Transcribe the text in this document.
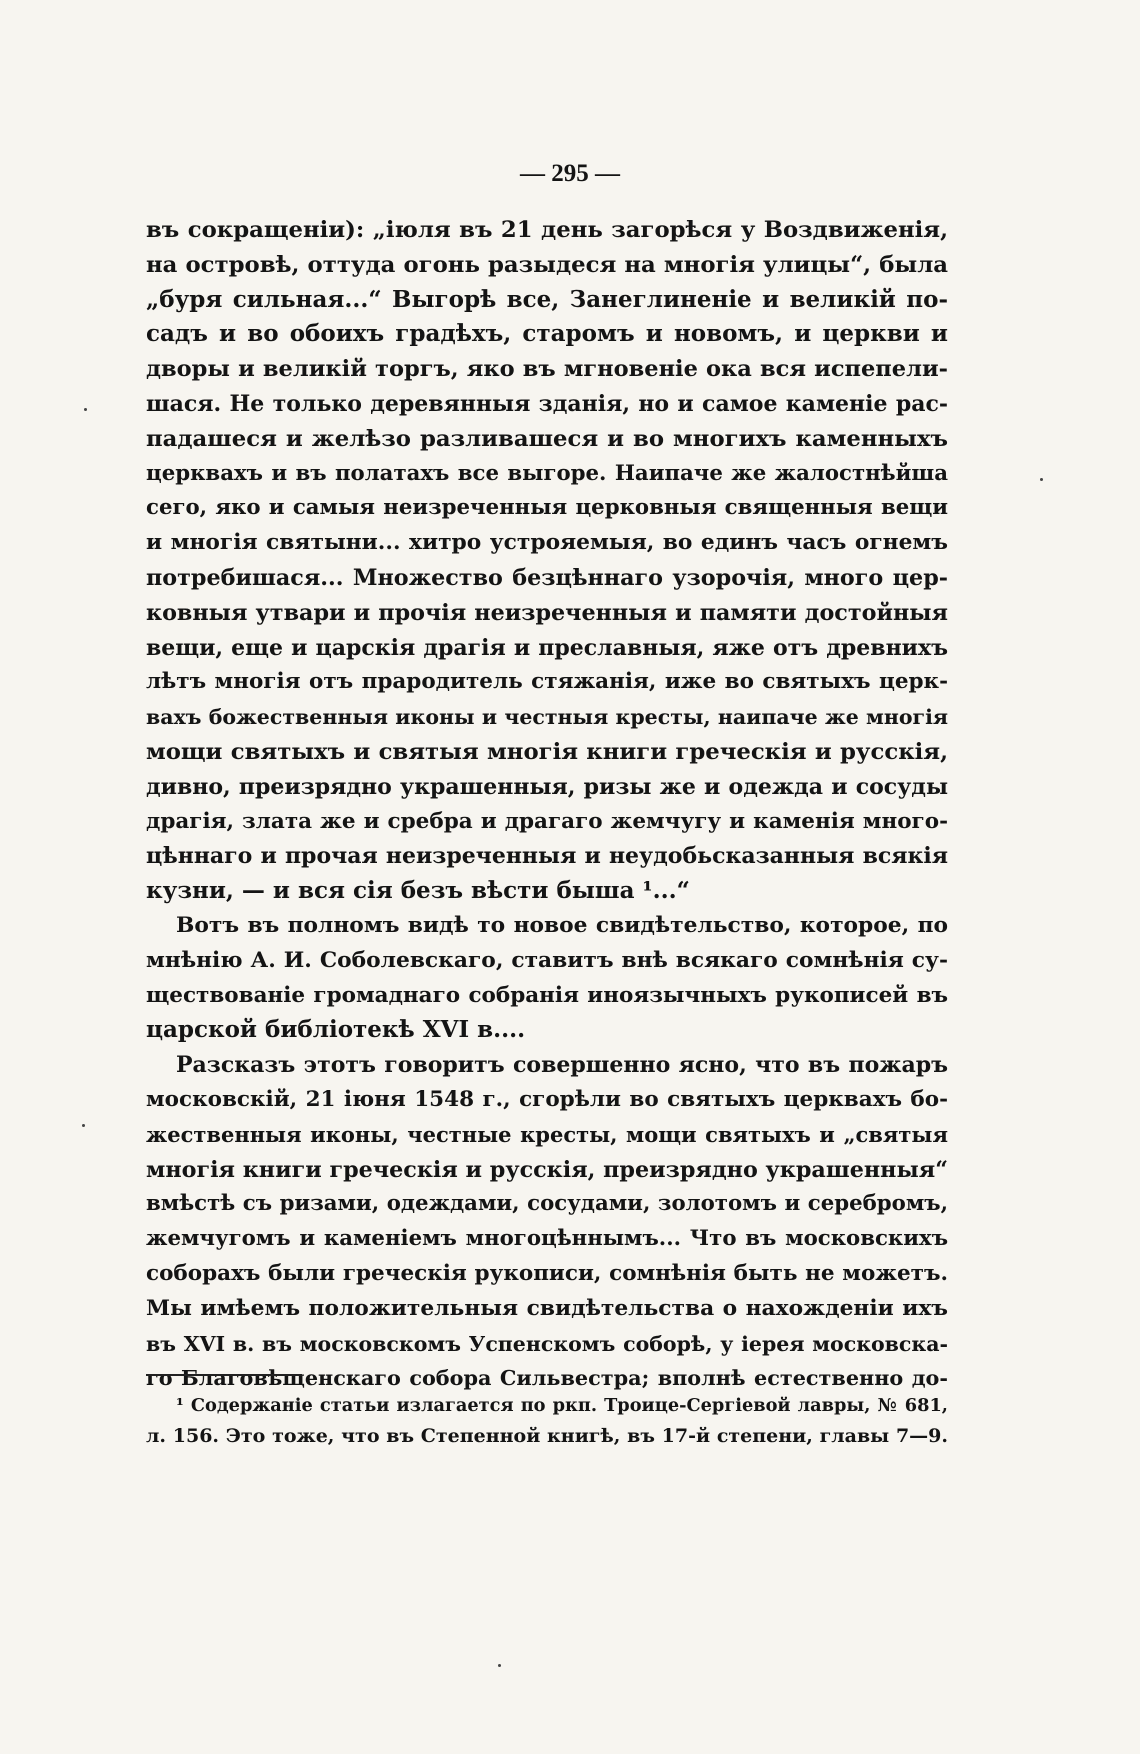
— 295 —
въ сокращеніи): „іюля въ 21 день загорѣся у Воздвиженія,
на островѣ, оттуда огонь разыдеся на многія улицы“, была
„буря сильная...“ Выгорѣ все, Занеглиненіе и великій по-
садъ и во обоихъ градѣхъ, старомъ и новомъ, и церкви и
дворы и великій торгъ, яко въ мгновеніе ока вся испепели-
шася. Не только деревянныя зданія, но и самое каменіе рас-
падашеся и желѣзо разливашеся и во многихъ каменныхъ
церквахъ и въ полатахъ все выгоре. Наипаче же жалостнѣйша
сего, яко и самыя неизреченныя церковныя священныя вещи
и многія святыни... хитро устрояемыя, во единъ часъ огнемъ
потребишася... Множество безцѣннаго узорочія, много цер-
ковныя утвари и прочія неизреченныя и памяти достойныя
вещи, еще и царскія драгія и преславныя, яже отъ древнихъ
лѣтъ многія отъ прародитель стяжанія, иже во святыхъ церк-
вахъ божественныя иконы и честныя кресты, наипаче же многія
мощи святыхъ и святыя многія книги греческія и русскія,
дивно, преизрядно украшенныя, ризы же и одежда и сосуды
драгія, злата же и сребра и драгаго жемчугу и каменія много-
цѣннаго и прочая неизреченныя и неудобьсказанныя всякія
кузни, — и вся сія безъ вѣсти быша ¹...“
Вотъ въ полномъ видѣ то новое свидѣтельство, которое, по
мнѣнію А. И. Соболевскаго, ставитъ внѣ всякаго сомнѣнія су-
ществованіе громаднаго собранія иноязычныхъ рукописей въ
царской библіотекѣ XVI в....
Разсказъ этотъ говоритъ совершенно ясно, что въ пожаръ
московскій, 21 іюня 1548 г., сгорѣли во святыхъ церквахъ бо-
жественныя иконы, честные кресты, мощи святыхъ и „святыя
многія книги греческія и русскія, преизрядно украшенныя“
вмѣстѣ съ ризами, одеждами, сосудами, золотомъ и серебромъ,
жемчугомъ и каменіемъ многоцѣннымъ... Что въ московскихъ
соборахъ были греческія рукописи, сомнѣнія быть не можетъ.
Мы имѣемъ положительныя свидѣтельства о нахожденіи ихъ
въ XVI в. въ московскомъ Успенскомъ соборѣ, у іерея московска-
го Благовѣщенскаго собора Сильвестра; вполнѣ естественно до-
¹ Содержаніе статьи излагается по ркп. Троице-Сергіевой лавры, № 681,
л. 156. Это тоже, что въ Степенной книгѣ, въ 17-й степени, главы 7—9.
